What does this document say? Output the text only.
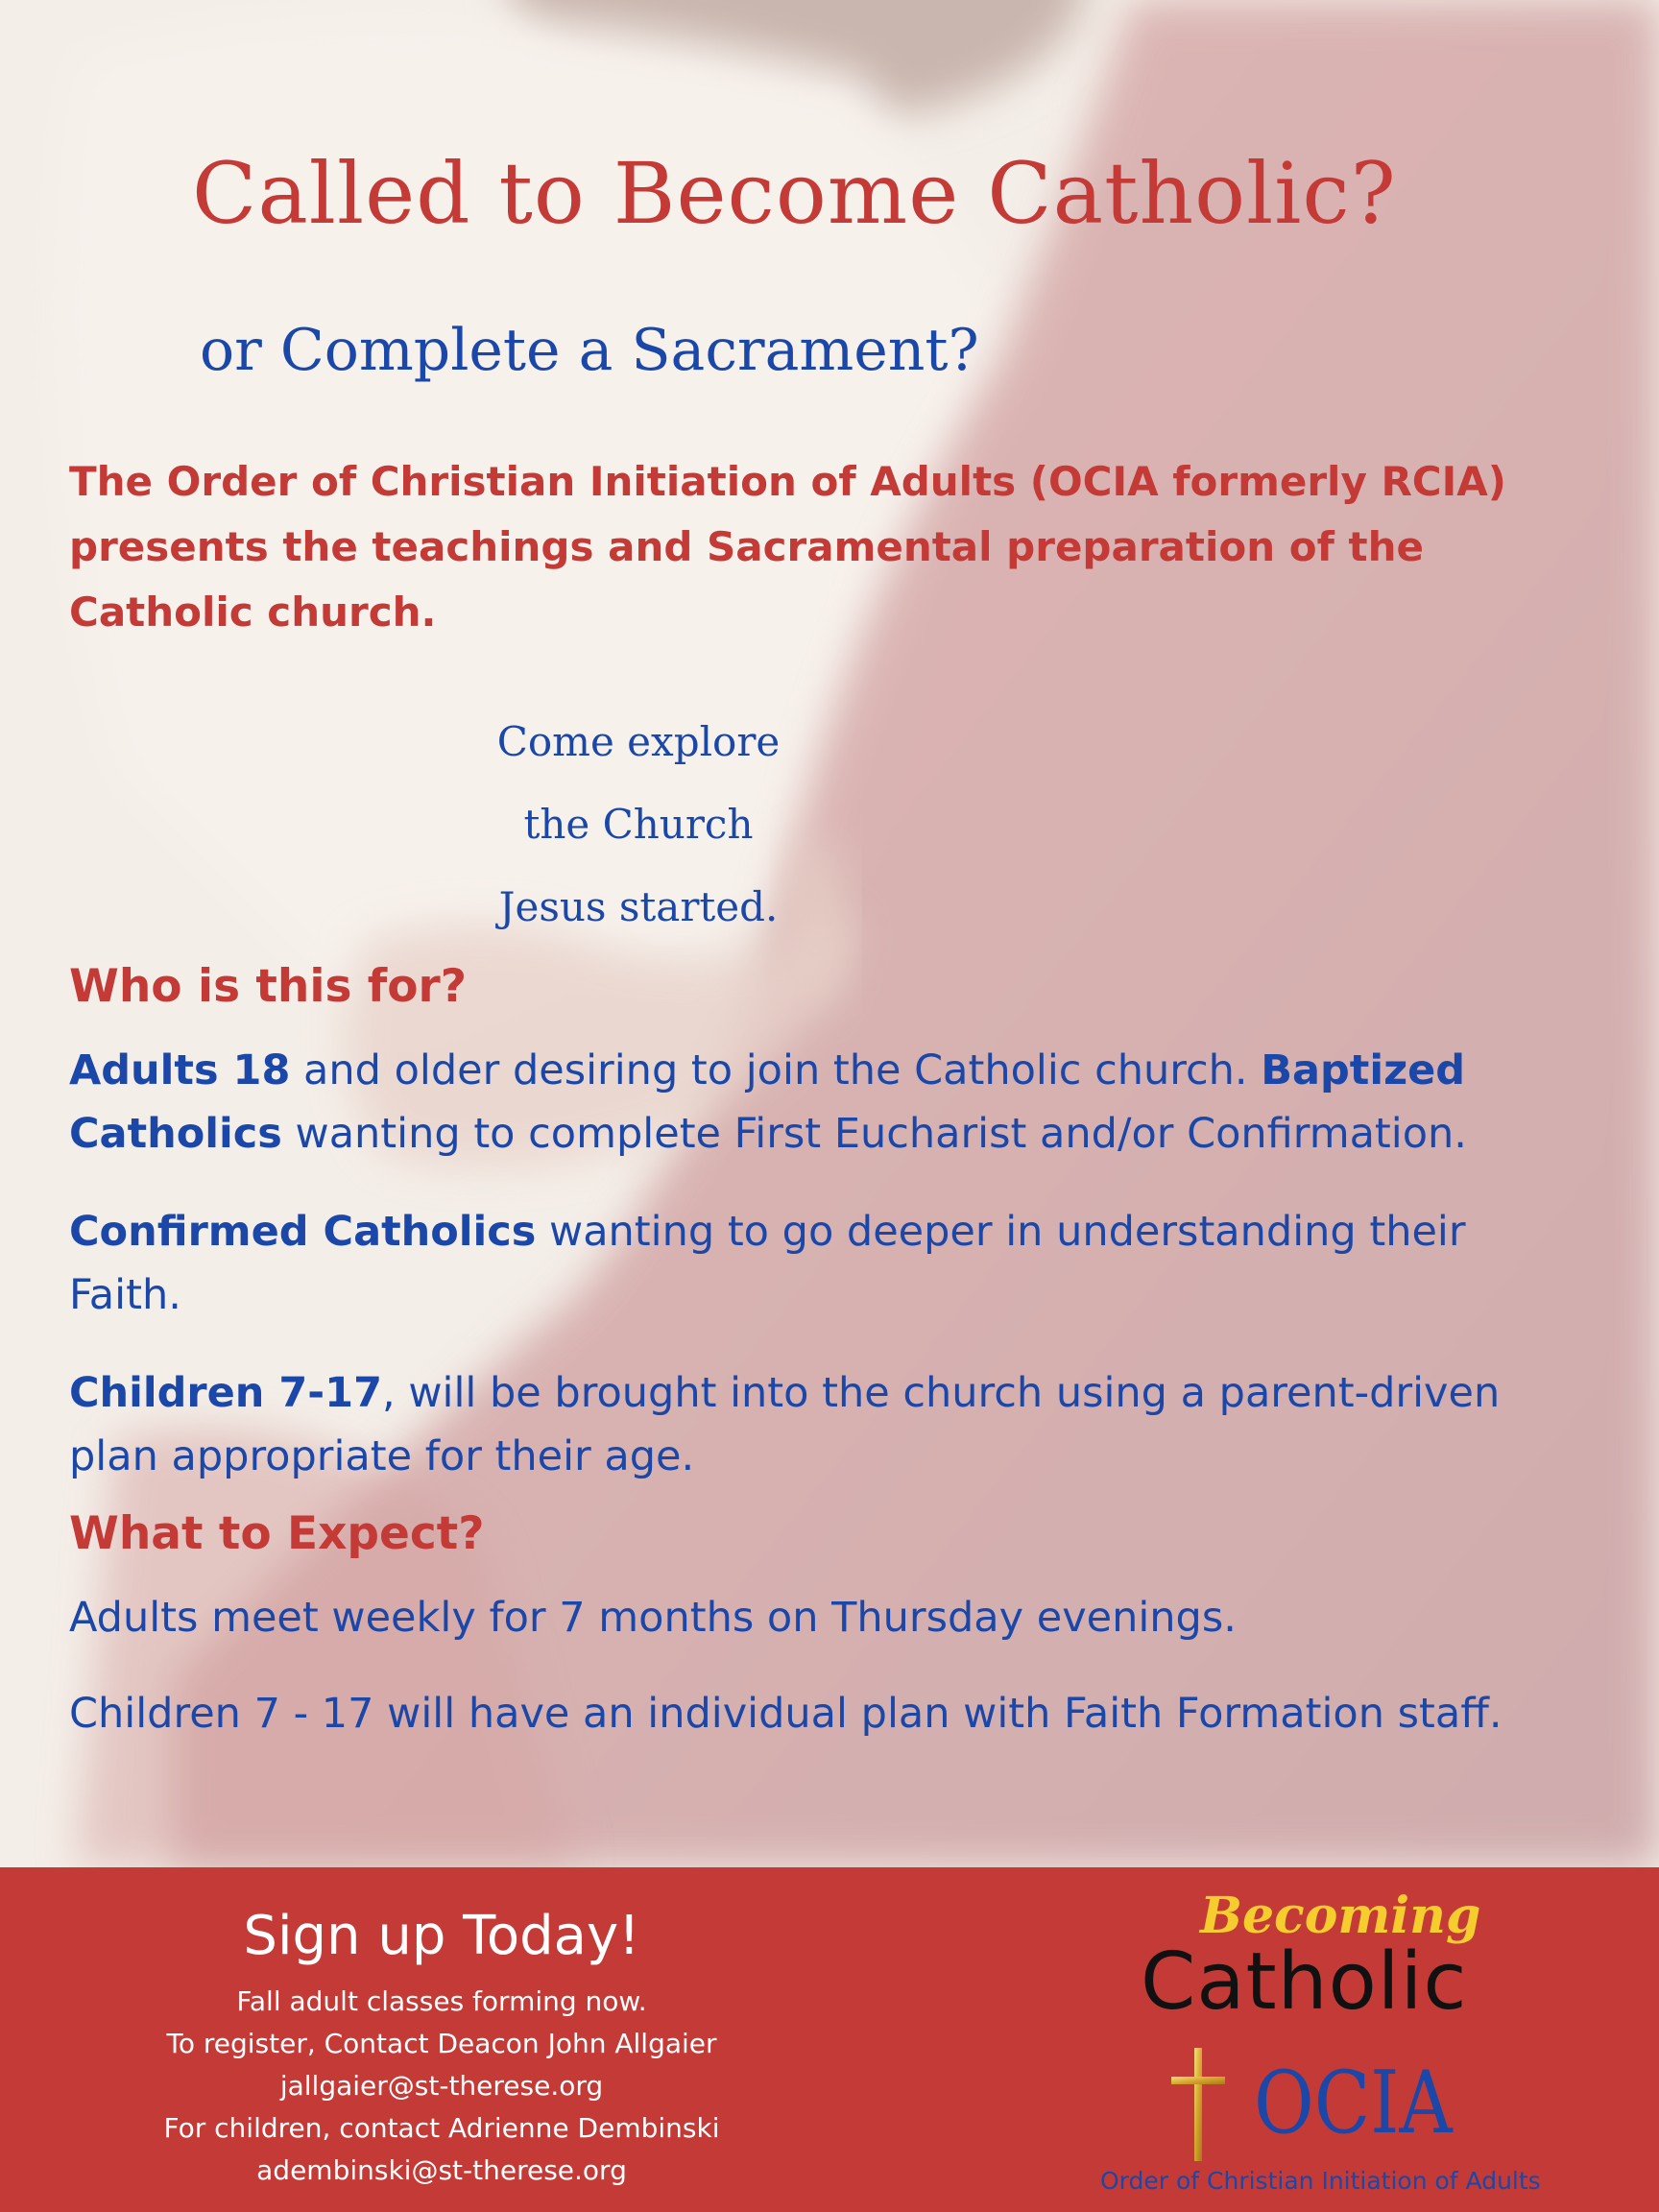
Called to Become Catholic?
or Complete a Sacrament?

The Order of Christian Initiation of Adults (OCIA formerly RCIA) presents the teachings and Sacramental preparation of the Catholic church.

Come explore
the Church
Jesus started.
Who is this for?

Adults 18 and older desiring to join the Catholic church. Baptized Catholics wanting to complete First Eucharist and/or Confirmation.

Confirmed Catholics wanting to go deeper in understanding their Faith.

Children 7-17, will be brought into the church using a parent-driven plan appropriate for their age.

What to Expect?

Adults meet weekly for 7 months on Thursday evenings.

Children 7 - 17 will have an individual plan with Faith Formation staff.

Sign up Today!
Fall adult classes forming now.
To register, Contact Deacon John Allgaier
jallgaier@st-therese.org
For children, contact Adrienne Dembinski
adembinski@st-therese.org
Becoming
Catholic
OCIA
Order of Christian Initiation of Adults
